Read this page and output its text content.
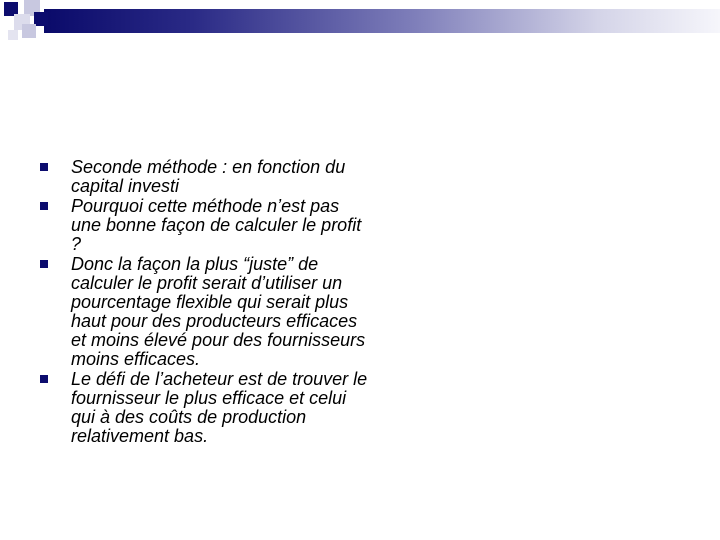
Seconde méthode : en fonction du capital investi
Pourquoi cette méthode n’est pas une bonne façon de calculer le profit ?
Donc la façon la plus “juste” de calculer le profit serait d’utiliser un pourcentage flexible qui serait plus haut pour des producteurs efficaces et moins élevé pour des fournisseurs moins efficaces.
Le défi de l’acheteur est de trouver le fournisseur le plus efficace et celui qui à des coûts de production relativement bas.
